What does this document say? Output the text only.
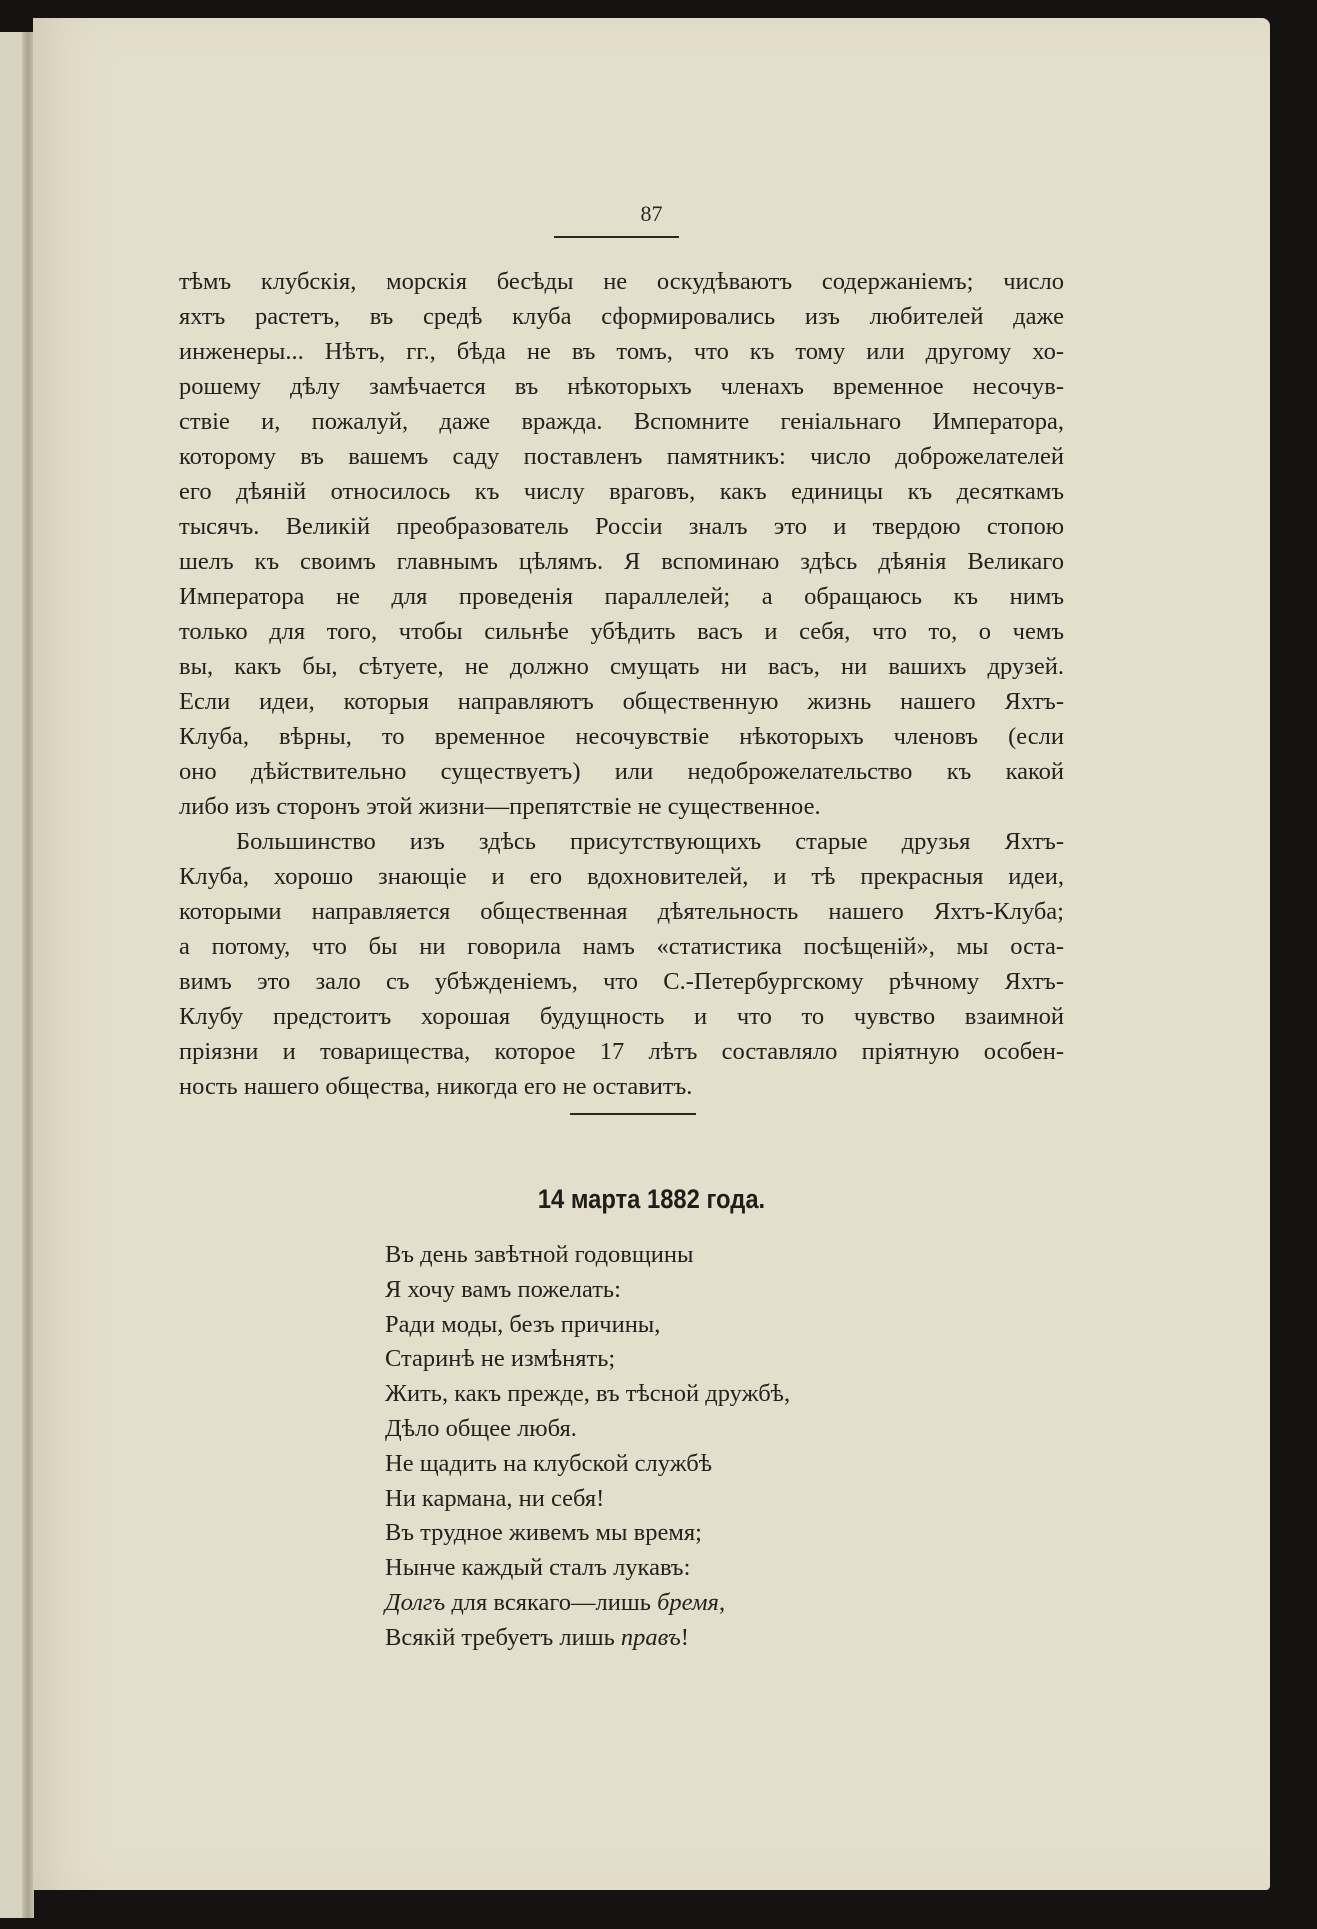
87

тѣмъ клубскія, морскія бесѣды не оскудѣваютъ содержаніемъ; число
яхтъ растетъ, въ средѣ клуба сформировались изъ любителей даже
инженеры... Нѣтъ, гг., бѣда не въ томъ, что къ тому или другому хо-
рошему дѣлу замѣчается въ нѣкоторыхъ членахъ временное несочув-
ствіе и, пожалуй, даже вражда. Вспомните геніальнаго Императора,
которому въ вашемъ саду поставленъ памятникъ: число доброжелателей
его дѣяній относилось къ числу враговъ, какъ единицы къ десяткамъ
тысячъ. Великій преобразователь Россіи зналъ это и твердою стопою
шелъ къ своимъ главнымъ цѣлямъ. Я вспоминаю здѣсь дѣянія Великаго
Императора не для проведенія параллелей; а обращаюсь къ нимъ
только для того, чтобы сильнѣе убѣдить васъ и себя, что то, о чемъ
вы, какъ бы, сѣтуете, не должно смущать ни васъ, ни вашихъ друзей.
Если идеи, которыя направляютъ общественную жизнь нашего Яхтъ-
Клуба, вѣрны, то временное несочувствіе нѣкоторыхъ членовъ (если
оно дѣйствительно существуетъ) или недоброжелательство къ какой
либо изъ сторонъ этой жизни—препятствіе не существенное.

Большинство изъ здѣсь присутствующихъ старые друзья Яхтъ-
Клуба, хорошо знающіе и его вдохновителей, и тѣ прекрасныя идеи,
которыми направляется общественная дѣятельность нашего Яхтъ-Клуба;
а потому, что бы ни говорила намъ «статистика посѣщеній», мы оста-
вимъ это зало съ убѣжденіемъ, что С.-Петербургскому рѣчному Яхтъ-
Клубу предстоитъ хорошая будущность и что то чувство взаимной
пріязни и товарищества, которое 17 лѣтъ составляло пріятную особен-
ность нашего общества, никогда его не оставитъ.

14 марта 1882 года.
Въ день завѣтной годовщины
Я хочу вамъ пожелать:
Ради моды, безъ причины,
Старинѣ не измѣнять;
Жить, какъ прежде, въ тѣсной дружбѣ,
Дѣло общее любя.
Не щадить на клубской службѣ
Ни кармана, ни себя!
Въ трудное живемъ мы время;
Нынче каждый сталъ лукавъ:
Долгъ для всякаго—лишь бремя,
Всякій требуетъ лишь правъ!
